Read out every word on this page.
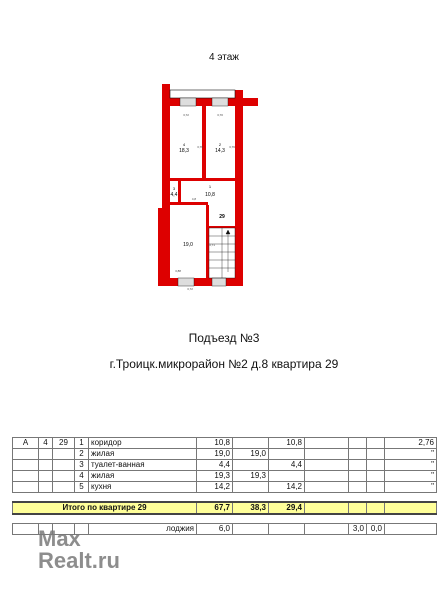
4 этаж
18,3	14,3
4	2
3
4,4
1
10,8
19,0
29
3,72	3,70
3,76	3,76
4,8
3,71
3,88
3,72
Подъезд №3
г.Троицк.микрорайон №2 д.8 квартира 29
А	4	29	1	коридор	10,8		10,8				2,76
			2	жилая	19,0	19,0					"
			3	туалет-ванная	4,4		4,4				"
			4	жилая	19,3	19,3					"
			5	кухня	14,2		14,2				"

Итого по квартире 29					67,7	38,3	29,4				

				лоджия	6,0				3,0	0,0	
Max
Realt.ru
